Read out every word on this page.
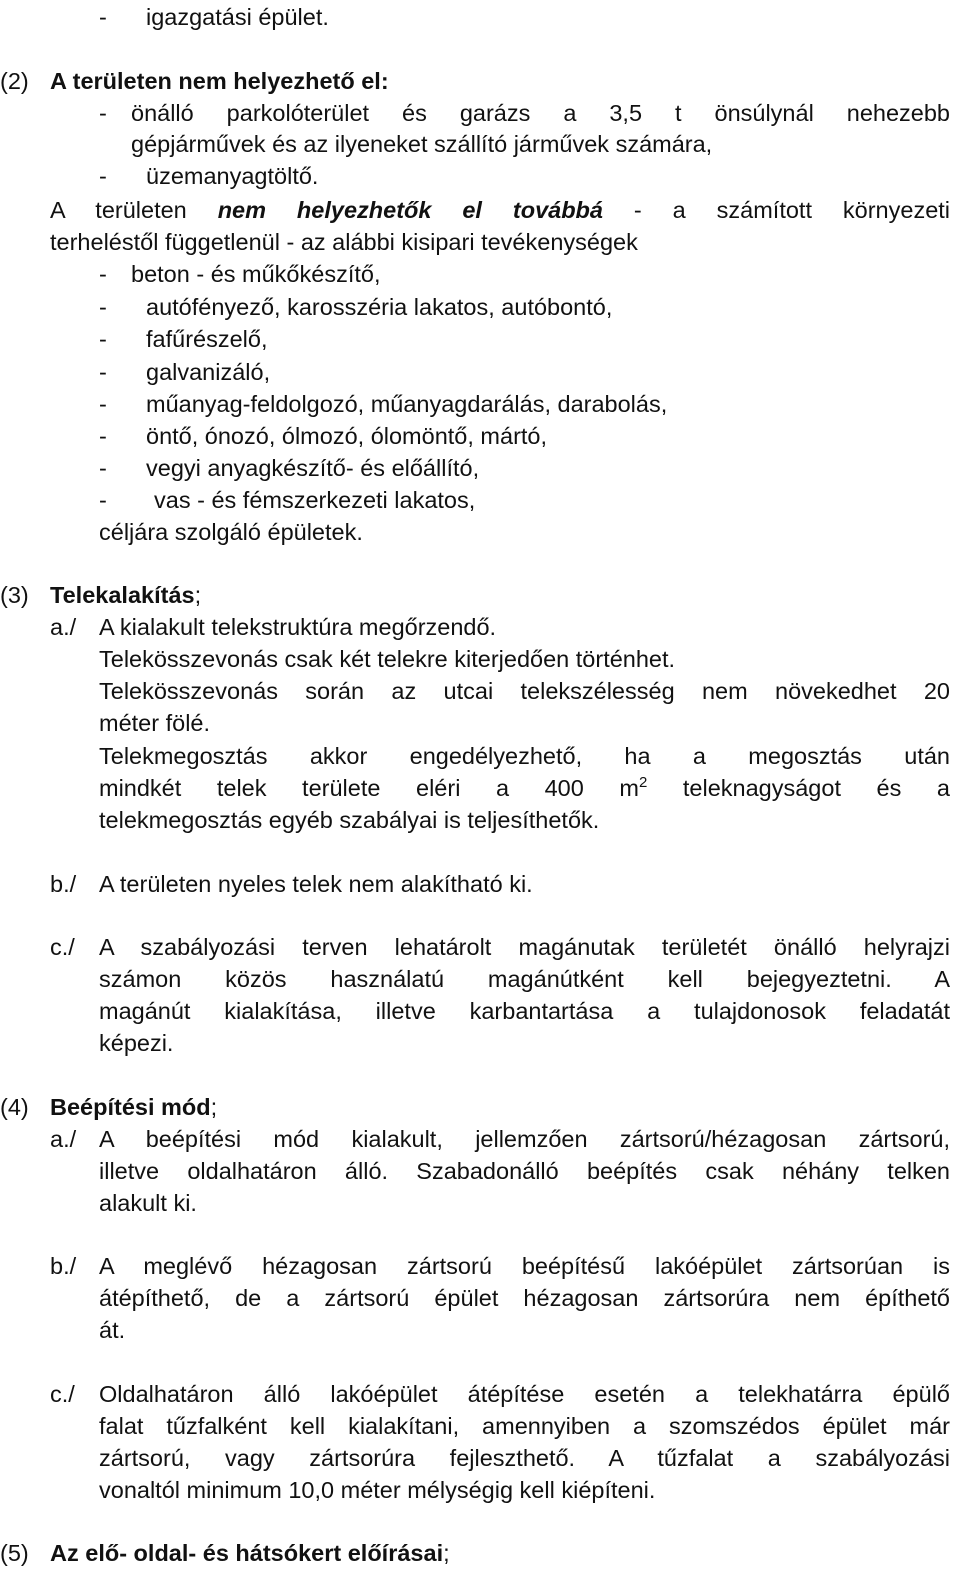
- igazgatási épület.
(2) A területen nem helyezhető el:
- önálló parkolóterület és garázs a 3,5 t önsúlynál nehezebb
gépjárművek és az ilyeneket szállító járművek számára,
- üzemanyagtöltő.
A területen nem helyezhetők el továbbá - a számított környezeti
terheléstől függetlenül - az alábbi kisipari tevékenységek
- beton - és műkőkészítő,
- autófényező, karosszéria lakatos, autóbontó,
- fafűrészelő,
- galvanizáló,
- műanyag-feldolgozó, műanyagdarálás, darabolás,
- öntő, ónozó, ólmozó, ólomöntő, mártó,
- vegyi anyagkészítő- és előállító,
- vas - és fémszerkezeti lakatos,
céljára szolgáló épületek.
(3) Telekalakítás;
a./ A kialakult telekstruktúra megőrzendő.
Telekösszevonás csak két telekre kiterjedően történhet.
Telekösszevonás során az utcai telekszélesség nem növekedhet 20
méter fölé.
Telekmegosztás akkor engedélyezhető, ha a megosztás után
mindkét telek területe eléri a 400 $m^2$ teleknagyságot és a
telekmegosztás egyéb szabályai is teljesíthetők.
b./ A területen nyeles telek nem alakítható ki.
c./ A szabályozási terven lehatárolt magánutak területét önálló helyrajzi
számon közös használatú magánútként kell bejegyeztetni. A
magánút kialakítása, illetve karbantartása a tulajdonosok feladatát
képezi.
(4) Beépítési mód;
a./ A beépítési mód kialakult, jellemzően zártsorú/hézagosan zártsorú,
illetve oldalhatáron álló. Szabadonálló beépítés csak néhány telken
alakult ki.
b./ A meglévő hézagosan zártsorú beépítésű lakóépület zártsorúan is
átépíthető, de a zártsorú épület hézagosan zártsorúra nem építhető
át.
c./ Oldalhatáron álló lakóépület átépítése esetén a telekhatárra épülő
falat tűzfalként kell kialakítani, amennyiben a szomszédos épület már
zártsorú, vagy zártsorúra fejleszthető. A tűzfalat a szabályozási
vonaltól minimum 10,0 méter mélységig kell kiépíteni.
(5) Az elő- oldal- és hátsókert előírásai;
